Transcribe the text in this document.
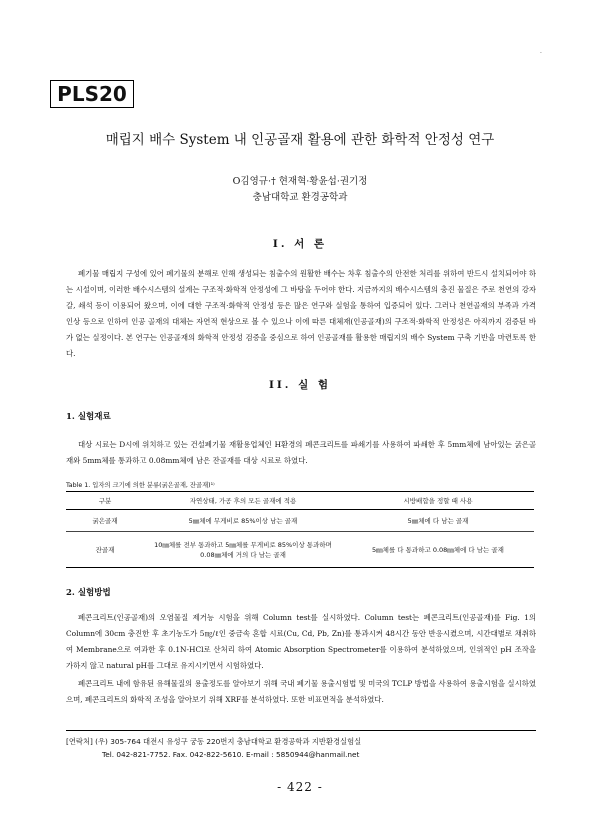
·
PLS20
매립지 배수 System 내 인공골재 활용에 관한 화학적 안정성 연구
O김영규·† 현재혁·황윤섭·권기정
충남대학교 환경공학과
I. 서 론

폐기물 매립지 구성에 있어 폐기물의 분해로 인해 생성되는 침출수의 원활한 배수는 차후 침출수의 안전한 처리를 위하여 반드시 설치되어야 하는 시설이며, 이러한 배수시스템의 설계는 구조적·화학적 안정성에 그 바탕을 두어야 한다. 지금까지의 배수시스템의 충진 물질은 주로 천연의 강자갈, 쇄석 등이 이용되어 왔으며, 이에 대한 구조적·화학적 안정성 등은 많은 연구와 실험을 통하여 입증되어 있다. 그러나 천연골재의 부족과 가격 인상 등으로 인하여 인공 골재의 대체는 자연적 현상으로 볼 수 있으나 이에 따른 대체재(인공골재)의 구조적·화학적 안정성은 아직까지 검증된 바가 없는 실정이다. 본 연구는 인공골재의 화학적 안정성 검증을 중심으로 하여 인공골재를 활용한 매립지의 배수 System 구축 기반을 마련토록 한다.

II. 실 험
1. 실험재료

대상 시료는 D시에 위치하고 있는 건설폐기물 재활용업체인 H환경의 폐콘크리트를 파쇄기를 사용하여 파쇄한 후 5mm체에 남아있는 굵은골재와 5mm체를 통과하고 0.08mm체에 남은 잔골재를 대상 시료로 하였다.

Table 1. 입자의 크기에 의한 분류(굵은골재, 잔골재)¹⁾
구분	자연상태, 가공 후의 모든 골재에 적용	시방배합을 정할 때 사용
굵은골재	5㎜체에 무게비로 85%이상 남는 골재	5㎜체에 다 남는 골재
잔골재	10㎜체를 전부 통과하고 5㎜체를 무게비로 85%이상 통과하며 0.08㎜체에 거의 다 남는 골재	5㎜체를 다 통과하고 0.08㎜체에 다 남는 골재
2. 실험방법

폐콘크리트(인공골재)의 오염물질 제거능 시험을 위해 Column test를 실시하였다. Column test는 폐콘크리트(인공골재)를 Fig. 1의 Column에 30cm 충진한 후 초기농도가 5㎎/ℓ인 중금속 혼합 시료(Cu, Cd, Pb, Zn)를 통과시켜 48시간 동안 반응시켰으며, 시간대별로 채취하여 Membrane으로 여과한 후 0.1N-HCl로 산처리 하여 Atomic Absorption Spectrometer를 이용하여 분석하였으며, 인위적인 pH 조작을 가하지 않고 natural pH를 그대로 유지시키면서 시험하였다.

폐콘크리트 내에 함유된 유해물질의 용출정도를 알아보기 위해 국내 폐기물 용출시험법 및 미국의 TCLP 방법을 사용하여 용출시험을 실시하였으며, 폐콘크리트의 화학적 조성을 알아보기 위해 XRF를 분석하였다. 또한 비표면적을 분석하였다.

[연락처] (우) 305-764 대전시 유성구 궁동 220번지 충남대학교 환경공학과 지반환경실험실
Tel. 042-821-7752. Fax. 042-822-5610. E-mail : 5850944@hanmail.net
- 422 -
